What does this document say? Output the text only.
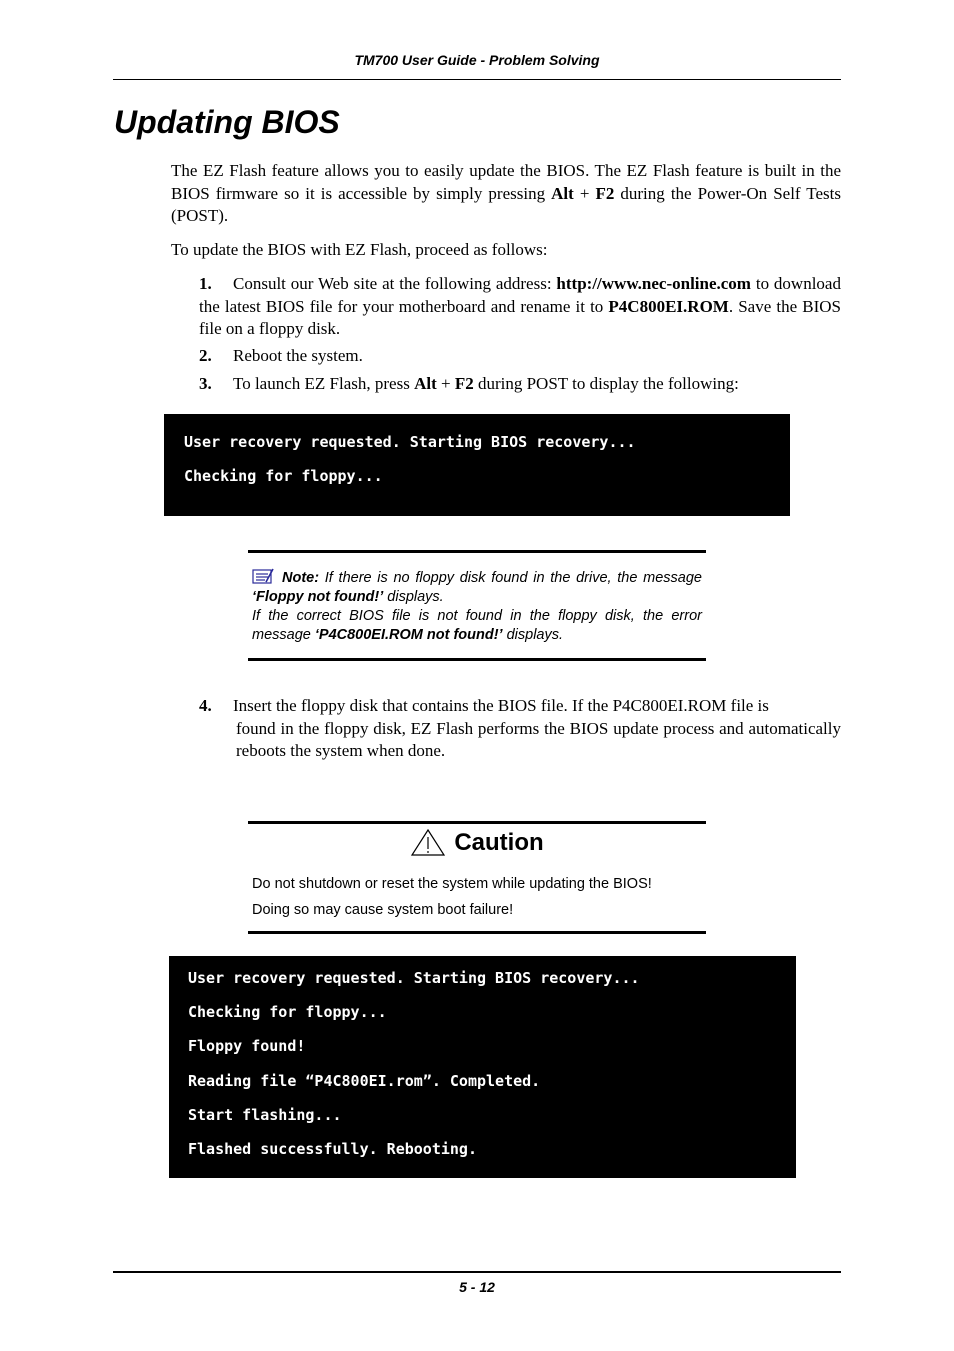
TM700 User Guide - Problem Solving
Updating BIOS
The EZ Flash feature allows you to easily update the BIOS. The EZ Flash feature is built in the BIOS firmware so it is accessible by simply pressing Alt + F2 during the Power-On Self Tests (POST).
To update the BIOS with EZ Flash, proceed as follows:
1. Consult our Web site at the following address: http://www.nec-online.com to download the latest BIOS file for your motherboard and rename it to P4C800EI.ROM. Save the BIOS file on a floppy disk.
2. Reboot the system.
3. To launch EZ Flash, press Alt + F2 during POST to display the following:
User recovery requested. Starting BIOS recovery...
Checking for floppy...
Note: If there is no floppy disk found in the drive, the message ‘Floppy not found!’ displays.
If the correct BIOS file is not found in the floppy disk, the error message ‘P4C800EI.ROM not found!’ displays.
4. Insert the floppy disk that contains the BIOS file. If the P4C800EI.ROM file is
found in the floppy disk, EZ Flash performs the BIOS update process and automatically reboots the system when done.
Caution
Do not shutdown or reset the system while updating the BIOS!
Doing so may cause system boot failure!
User recovery requested. Starting BIOS recovery...
Checking for floppy...
Floppy found!
Reading file “P4C800EI.rom”. Completed.
Start flashing...
Flashed successfully. Rebooting.
5 - 12
